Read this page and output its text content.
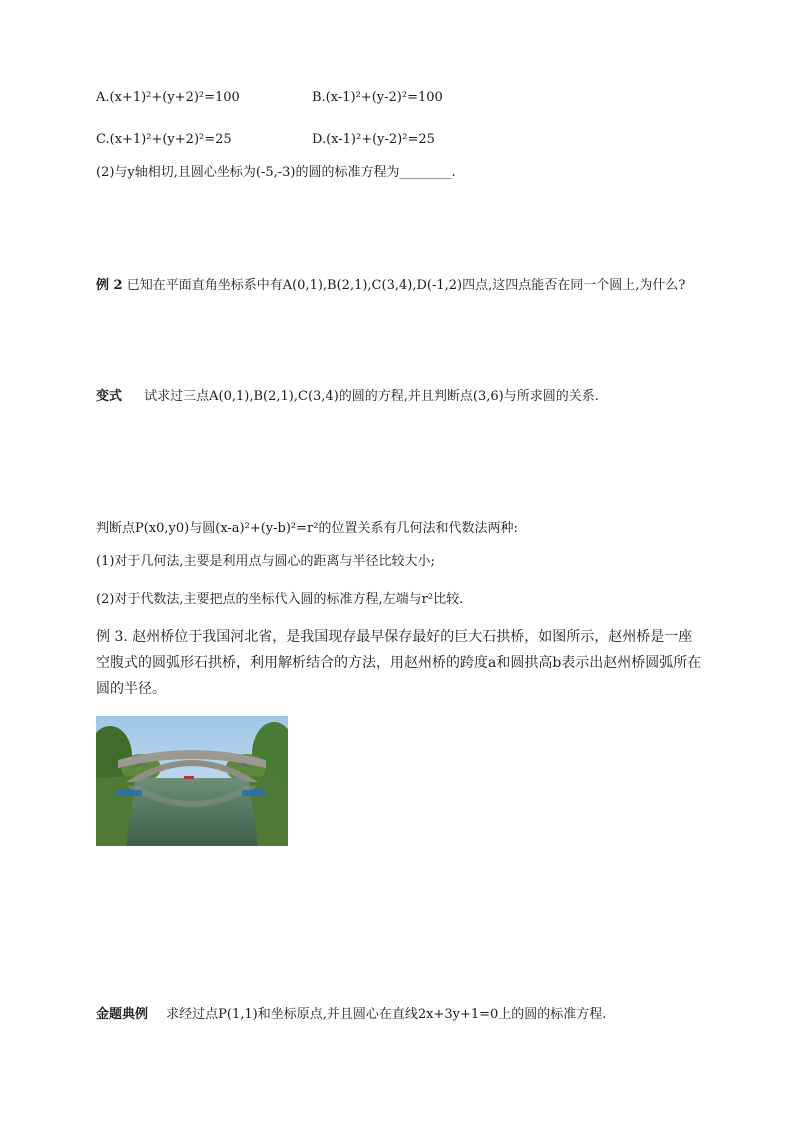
A.(x+1)²+(y+2)²=100	B.(x-1)²+(y-2)²=100
C.(x+1)²+(y+2)²=25	D.(x-1)²+(y-2)²=25
(2)与y轴相切,且圆心坐标为(-5,-3)的圆的标准方程为________.
例 2 已知在平面直角坐标系中有A(0,1),B(2,1),C(3,4),D(-1,2)四点,这四点能否在同一个圆上,为什么?
变式 试求过三点A(0,1),B(2,1),C(3,4)的圆的方程,并且判断点(3,6)与所求圆的关系.
判断点P(x0,y0)与圆(x-a)²+(y-b)²=r²的位置关系有几何法和代数法两种:
(1)对于几何法,主要是利用点与圆心的距离与半径比较大小;
(2)对于代数法,主要把点的坐标代入圆的标准方程,左端与r²比较.
例 3. 赵州桥位于我国河北省，是我国现存最早保存最好的巨大石拱桥，如图所示，赵州桥是一座空腹式的圆弧形石拱桥，利用解析结合的方法，用赵州桥的跨度a和圆拱高b表示出赵州桥圆弧所在圆的半径。
金题典例 求经过点P(1,1)和坐标原点,并且圆心在直线2x+3y+1=0上的圆的标准方程.
